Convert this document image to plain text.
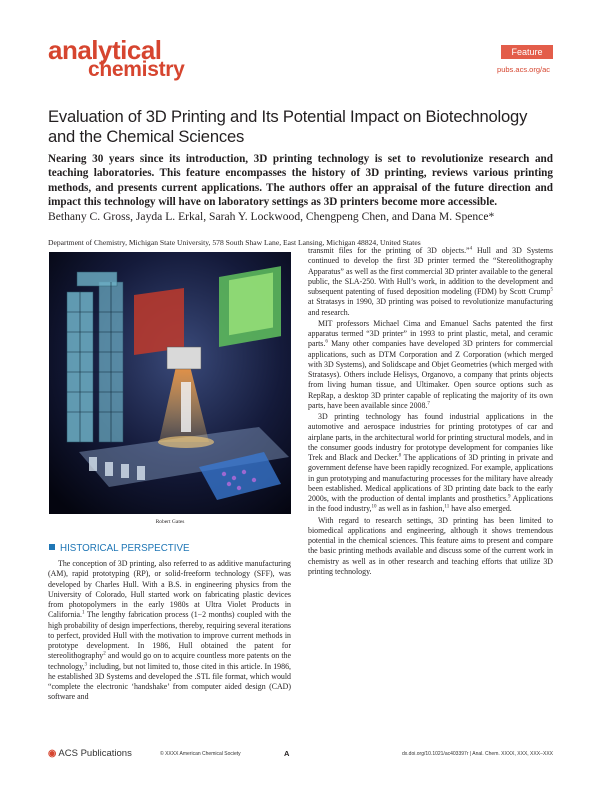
analytical
chemistry
Feature
pubs.acs.org/ac
Evaluation of 3D Printing and Its Potential Impact on Biotechnology and the Chemical Sciences

Nearing 30 years since its introduction, 3D printing technology is set to revolutionize research and teaching laboratories. This feature encompasses the history of 3D printing, reviews various printing methods, and presents current applications. The authors offer an appraisal of the future direction and impact this technology will have on laboratory settings as 3D printers become more accessible.

Bethany C. Gross, Jayda L. Erkal, Sarah Y. Lockwood, Chengpeng Chen, and Dana M. Spence*
Department of Chemistry, Michigan State University, 578 South Shaw Lane, East Lansing, Michigan 48824, United States
Robert Gates
HISTORICAL PERSPECTIVE

The conception of 3D printing, also referred to as additive manufacturing (AM), rapid prototyping (RP), or solid-freeform technology (SFF), was developed by Charles Hull. With a B.S. in engineering physics from the University of Colorado, Hull started work on fabricating plastic devices from photopolymers in the early 1980s at Ultra Violet Products in California.$^1$ The lengthy fabrication process (1−2 months) coupled with the high probability of design imperfections, thereby, requiring several iterations to perfect, provided Hull with the motivation to improve current methods in prototype development. In 1986, Hull obtained the patent for stereolithography$^2$ and would go on to acquire countless more patents on the technology,$^3$ including, but not limited to, those cited in this article. In 1986, he established 3D Systems and developed the .STL file format, which would “complete the electronic ‘handshake’ from computer aided design (CAD) software and

transmit files for the printing of 3D objects.”$^4$ Hull and 3D Systems continued to develop the first 3D printer termed the “Stereolithography Apparatus” as well as the first commercial 3D printer available to the general public, the SLA-250. With Hull’s work, in addition to the development and subsequent patenting of fused deposition modeling (FDM) by Scott Crump$^5$ at Stratasys in 1990, 3D printing was poised to revolutionize manufacturing and research.

MIT professors Michael Cima and Emanuel Sachs patented the first apparatus termed “3D printer” in 1993 to print plastic, metal, and ceramic parts.$^6$ Many other companies have developed 3D printers for commercial applications, such as DTM Corporation and Z Corporation (which merged with 3D Systems), and Solidscape and Objet Geometries (which merged with Stratasys). Others include Helisys, Organovo, a company that prints objects from living human tissue, and Ultimaker. Open source options such as RepRap, a desktop 3D printer capable of replicating the majority of its own parts, have been available since 2008.$^7$

3D printing technology has found industrial applications in the automotive and aerospace industries for printing prototypes of car and airplane parts, in the architectural world for printing structural models, and in the consumer goods industry for prototype development for companies like Trek and Black and Decker.$^8$ The applications of 3D printing in private and government defense have been rapidly recognized. For example, applications in gun prototyping and manufacturing processes for the military have already been established. Medical applications of 3D printing date back to the early 2000s, with the production of dental implants and prosthetics.$^9$ Applications in the food industry,$^{10}$ as well as in fashion,$^{11}$ have also emerged.

With regard to research settings, 3D printing has been limited to biomedical applications and engineering, although it shows tremendous potential in the chemical sciences. This feature aims to present and compare the basic printing methods available and discuss some of the current work in chemistry as well as in other research and teaching efforts that utilize 3D printing technology.

◉ ACS Publications	© XXXX American Chemical Society	A	dx.doi.org/10.1021/ac403397r | Anal. Chem. XXXX, XXX, XXX−XXX
